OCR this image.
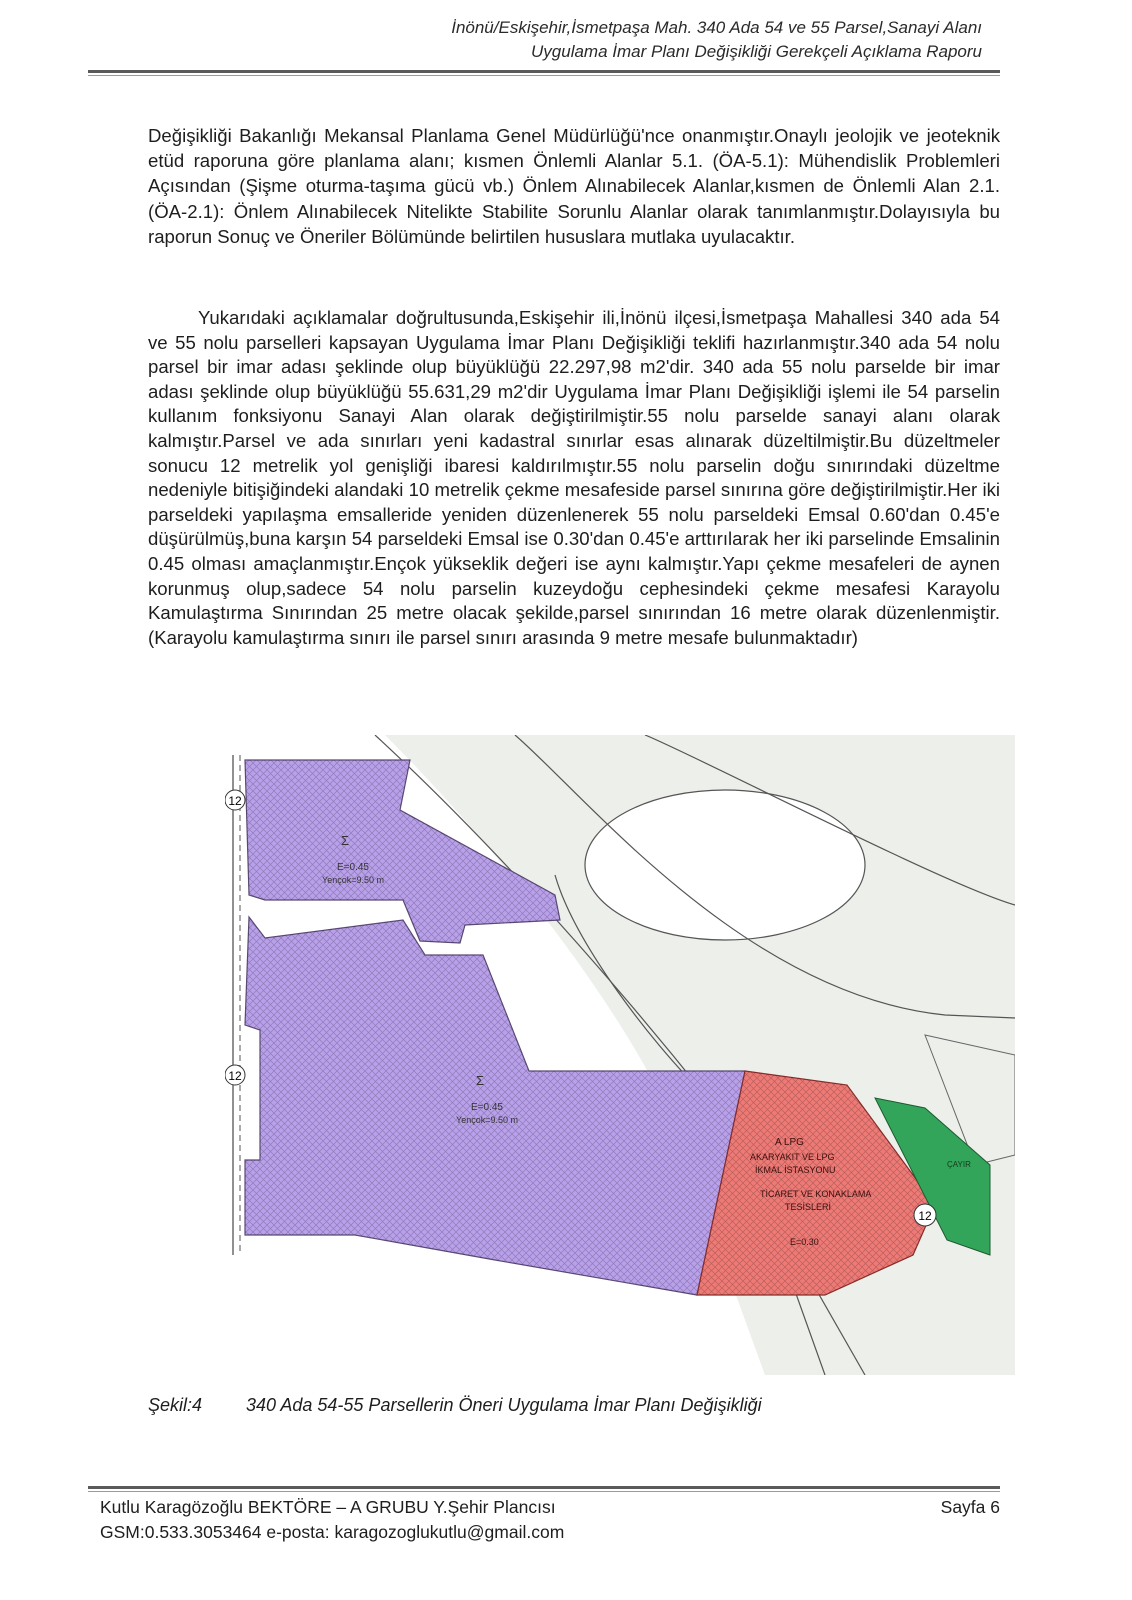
İnönü/Eskişehir,İsmetpaşa Mah. 340 Ada 54 ve 55 Parsel,Sanayi Alanı
Uygulama İmar Planı Değişikliği Gerekçeli Açıklama Raporu

Değişikliği Bakanlığı Mekansal Planlama Genel Müdürlüğü'nce onanmıştır.Onaylı jeolojik ve jeoteknik etüd raporuna göre planlama alanı; kısmen Önlemli Alanlar 5.1. (ÖA-5.1): Mühendislik Problemleri Açısından (Şişme oturma-taşıma gücü vb.) Önlem Alınabilecek Alanlar,kısmen de Önlemli Alan 2.1. (ÖA-2.1): Önlem Alınabilecek Nitelikte Stabilite Sorunlu Alanlar olarak tanımlanmıştır.Dolayısıyla bu raporun Sonuç ve Öneriler Bölümünde belirtilen hususlara mutlaka uyulacaktır.

Yukarıdaki açıklamalar doğrultusunda,Eskişehir ili,İnönü ilçesi,İsmetpaşa Mahallesi 340 ada 54 ve 55 nolu parselleri kapsayan Uygulama İmar Planı Değişikliği teklifi hazırlanmıştır.340 ada 54 nolu parsel bir imar adası şeklinde olup büyüklüğü 22.297,98 m2'dir. 340 ada 55 nolu parselde bir imar adası şeklinde olup büyüklüğü 55.631,29 m2'dir Uygulama İmar Planı Değişikliği işlemi ile 54 parselin kullanım fonksiyonu Sanayi Alan olarak değiştirilmiştir.55 nolu parselde sanayi alanı olarak kalmıştır.Parsel ve ada sınırları yeni kadastral sınırlar esas alınarak düzeltilmiştir.Bu düzeltmeler sonucu 12 metrelik yol genişliği ibaresi kaldırılmıştır.55 nolu parselin doğu sınırındaki düzeltme nedeniyle bitişiğindeki alandaki 10 metrelik çekme mesafeside parsel sınırına göre değiştirilmiştir.Her iki parseldeki yapılaşma emsalleride yeniden düzenlenerek 55 nolu parseldeki Emsal 0.60'dan 0.45'e düşürülmüş,buna karşın 54 parseldeki Emsal ise 0.30'dan 0.45'e arttırılarak her iki parselinde Emsalinin 0.45 olması amaçlanmıştır.Ençok yükseklik değeri ise aynı kalmıştır.Yapı çekme mesafeleri de aynen korunmuş olup,sadece 54 nolu parselin kuzeydoğu cephesindeki çekme mesafesi Karayolu Kamulaştırma Sınırından 25 metre olacak şekilde,parsel sınırından 16 metre olarak düzenlenmiştir.(Karayolu kamulaştırma sınırı ile parsel sınırı arasında 9 metre mesafe bulunmaktadır)

12
12
12
Σ
E=0.45
Yençok=9.50 m
Σ
E=0.45
Yençok=9.50 m
A LPG
AKARYAKIT VE LPG
İKMAL İSTASYONU
TİCARET VE KONAKLAMA
TESİSLERİ
E=0.30
ÇAYIR
Şekil:4 340 Ada 54-55 Parsellerin Öneri Uygulama İmar Planı Değişikliği
Kutlu Karagözoğlu BEKTÖRE – A GRUBU Y.Şehir Plancısı
GSM:0.533.3053464 e-posta: karagozoglukutlu@gmail.com
Sayfa 6
